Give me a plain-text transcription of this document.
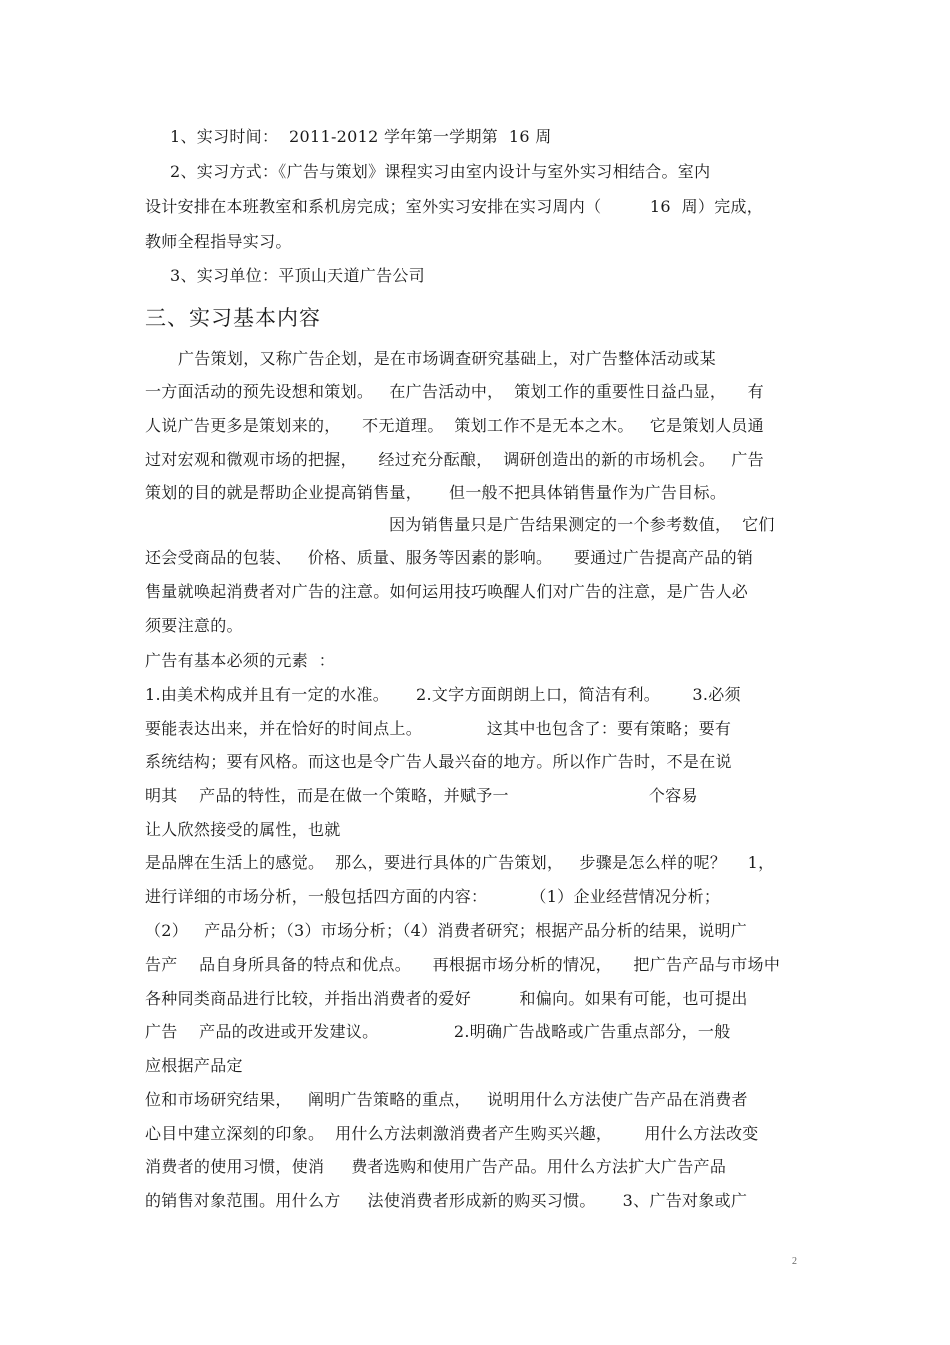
1、实习时间：  2011-2012 学年第一学期第  16 周
2、实习方式：《广告与策划》课程实习由室内设计与室外实习相结合。室内
设计安排在本班教室和系机房完成；室外实习安排在实习周内（         16  周）完成，
教师全程指导实习。
3、实习单位：平顶山天道广告公司
三、实习基本内容
广告策划，又称广告企划，是在市场调查研究基础上，对广告整体活动或某
一方面活动的预先设想和策划。   在广告活动中，  策划工作的重要性日益凸显，    有
人说广告更多是策划来的，    不无道理。  策划工作不是无本之木。   它是策划人员通
过对宏观和微观市场的把握，    经过充分酝酿，  调研创造出的新的市场机会。   广告
策划的目的就是帮助企业提高销售量，     但一般不把具体销售量作为广告目标。
因为销售量只是广告结果测定的一个参考数值，  它们
还会受商品的包装、   价格、质量、服务等因素的影响。    要通过广告提高产品的销
售量就唤起消费者对广告的注意。如何运用技巧唤醒人们对广告的注意，是广告人必
须要注意的。
广告有基本必须的元素  ：
1.由美术构成并且有一定的水准。     2.文字方面朗朗上口，简洁有利。      3.必须
要能表达出来，并在恰好的时间点上。            这其中也包含了：要有策略；要有
系统结构；要有风格。而这也是令广告人最兴奋的地方。所以作广告时，不是在说
明其    产品的特性，而是在做一个策略，并赋予一                          个容易
让人欣然接受的属性，也就
是品牌在生活上的感觉。  那么，要进行具体的广告策划，   步骤是怎么样的呢？    1，
进行详细的市场分析，一般包括四方面的内容：        （1）企业经营情况分析；
（2）   产品分析；（3）市场分析；（4）消费者研究；根据产品分析的结果，说明广
告产    品自身所具备的特点和优点。    再根据市场分析的情况，    把广告产品与市场中
各种同类商品进行比较，并指出消费者的爱好         和偏向。如果有可能，也可提出
广告    产品的改进或开发建议。              2.明确广告战略或广告重点部分，一般
应根据产品定
位和市场研究结果，   阐明广告策略的重点，   说明用什么方法使广告产品在消费者
心目中建立深刻的印象。  用什么方法刺激消费者产生购买兴趣，      用什么方法改变
消费者的使用习惯，使消     费者选购和使用广告产品。用什么方法扩大广告产品
的销售对象范围。用什么方     法使消费者形成新的购买习惯。     3、广告对象或广
2
